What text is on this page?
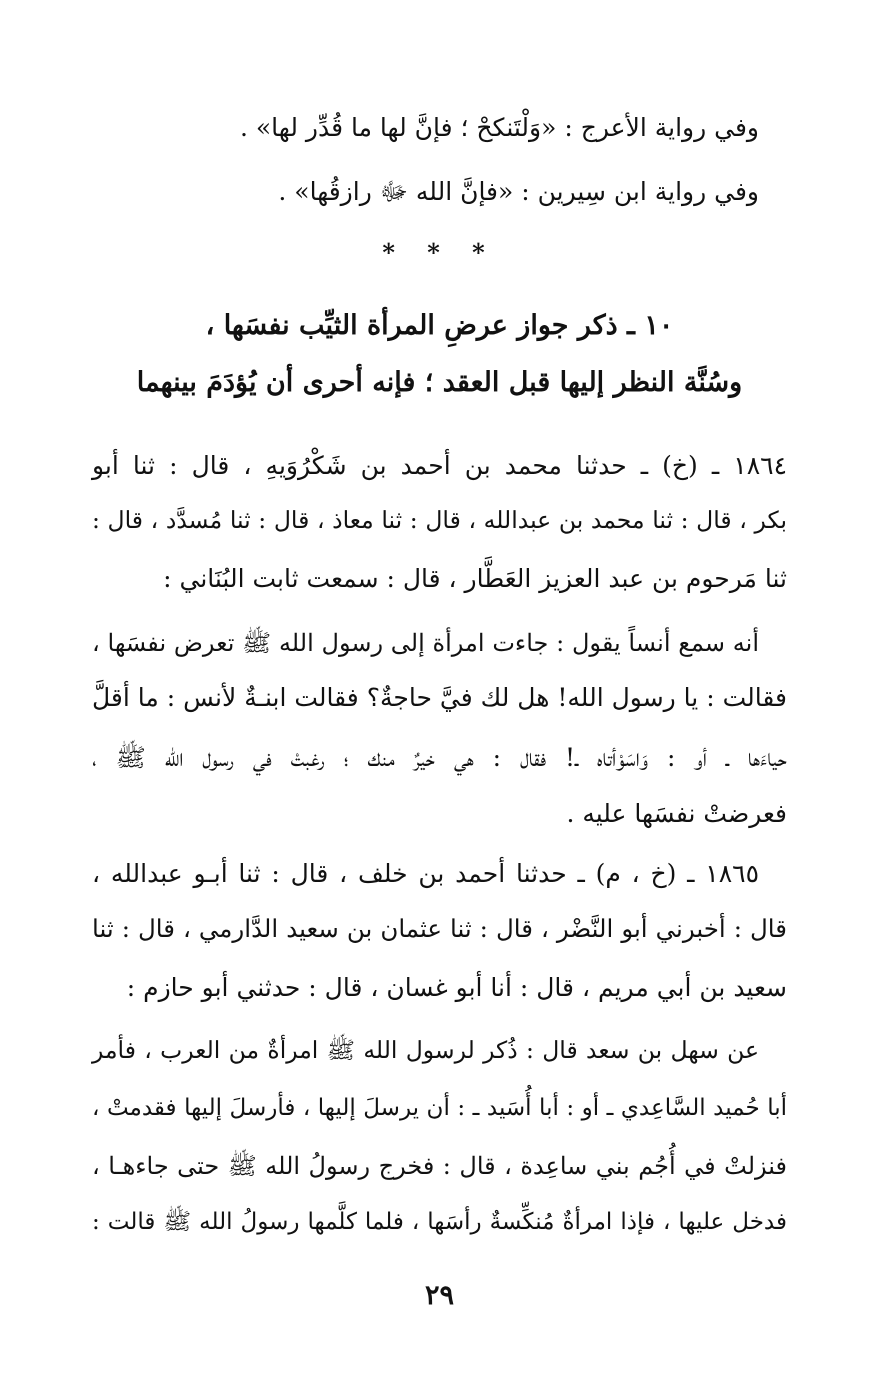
وفي رواية الأعرج : «وَلْتَنكحْ ؛ فإنَّ لها ما قُدِّر لها» .
وفي رواية ابن سِيرين : «فإنَّ الله ﷻ رازقُها» .
* * *
١٠ ـ ذكر جواز عرضِ المرأة الثيِّب نفسَها ،
وسُنَّة النظر إليها قبل العقد ؛ فإنه أحرى أن يُؤدَمَ بينهما
١٨٦٤ ـ (خ) ـ حدثنا محمد بن أحمد بن شَكْرُوَيهِ ، قال : ثنا أبو
بكر ، قال : ثنا محمد بن عبدالله ، قال : ثنا معاذ ، قال : ثنا مُسدَّد ، قال :
ثنا مَرحوم بن عبد العزيز العَطَّار ، قال : سمعت ثابت البُنَاني :
أنه سمع أنساً يقول : جاءت امرأة إلى رسول الله ﷺ تعرض نفسَها ،
فقالت : يا رسول الله! هل لك فيَّ حاجةٌ؟ فقالت ابنـةٌ لأنس : ما أقلَّ
حياءَها ـ أو : وَاسَوْأتاه ـ! فقال : هي خيرٌ منك ؛ رغبتْ في رسول الله ﷺ ،
فعرضتْ نفسَها عليه .
١٨٦٥ ـ (خ ، م) ـ حدثنا أحمد بن خلف ، قال : ثنا أبـو عبدالله ،
قال : أخبرني أبو النَّضْر ، قال : ثنا عثمان بن سعيد الدَّارمي ، قال : ثنا
سعيد بن أبي مريم ، قال : أنا أبو غسان ، قال : حدثني أبو حازم :
عن سهل بن سعد قال : ذُكر لرسول الله ﷺ امرأةٌ من العرب ، فأمر
أبا حُميد السَّاعِدي ـ أو : أبا أُسَيد ـ : أن يرسلَ إليها ، فأرسلَ إليها فقدمتْ ،
فنزلتْ في أُجُم بني ساعِدة ، قال : فخرج رسولُ الله ﷺ حتى جاءهـا ،
فدخل عليها ، فإذا امرأةٌ مُنكِّسةٌ رأسَها ، فلما كلَّمها رسولُ الله ﷺ قالت :
٢٩
